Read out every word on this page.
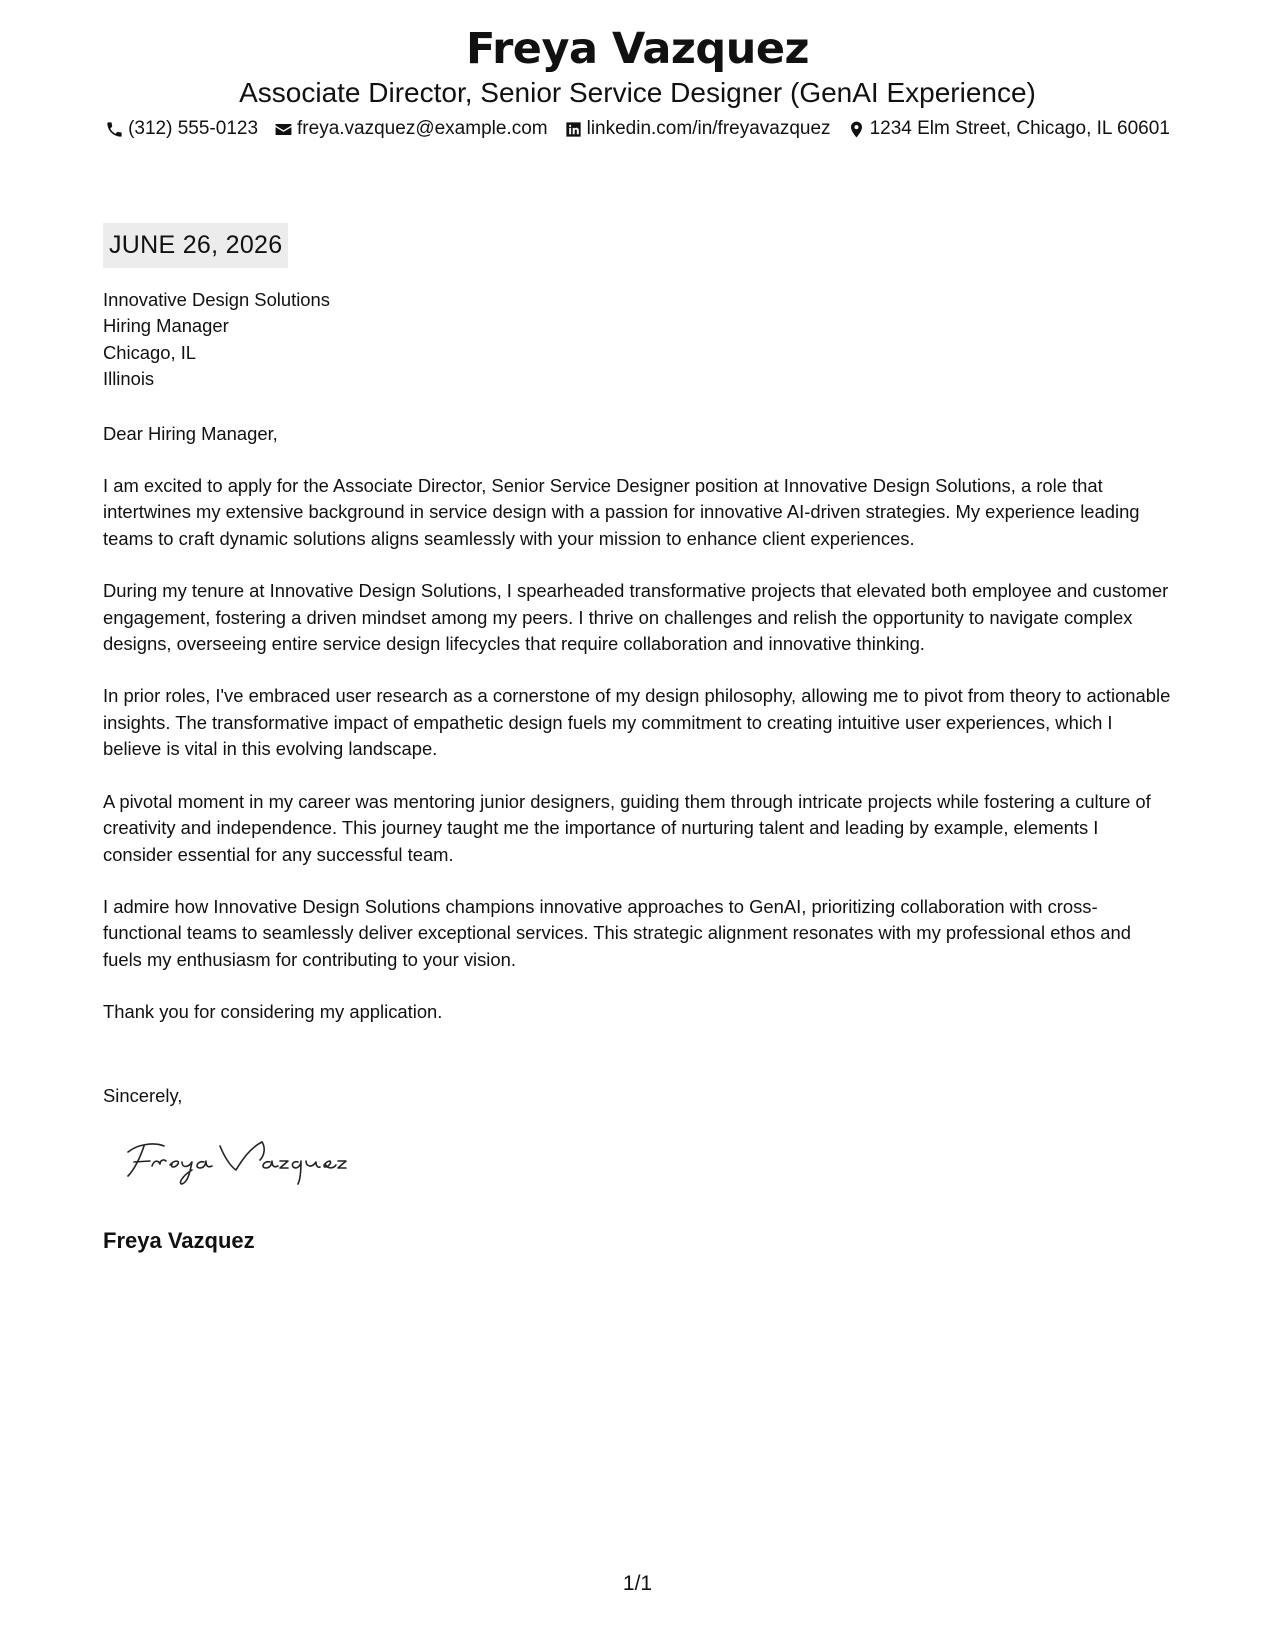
Freya Vazquez
Associate Director, Senior Service Designer (GenAI Experience)
(312) 555-0123 freya.vazquez@example.com linkedin.com/in/freyavazquez 1234 Elm Street, Chicago, IL 60601
JUNE 26, 2026
Innovative Design Solutions
Hiring Manager
Chicago, IL
Illinois
Dear Hiring Manager,

I am excited to apply for the Associate Director, Senior Service Designer position at Innovative Design Solutions, a role that intertwines my extensive background in service design with a passion for innovative AI-driven strategies. My experience leading teams to craft dynamic solutions aligns seamlessly with your mission to enhance client experiences.

During my tenure at Innovative Design Solutions, I spearheaded transformative projects that elevated both employee and customer engagement, fostering a driven mindset among my peers. I thrive on challenges and relish the opportunity to navigate complex designs, overseeing entire service design lifecycles that require collaboration and innovative thinking.

In prior roles, I've embraced user research as a cornerstone of my design philosophy, allowing me to pivot from theory to actionable insights. The transformative impact of empathetic design fuels my commitment to creating intuitive user experiences, which I believe is vital in this evolving landscape.

A pivotal moment in my career was mentoring junior designers, guiding them through intricate projects while fostering a culture of creativity and independence. This journey taught me the importance of nurturing talent and leading by example, elements I consider essential for any successful team.

I admire how Innovative Design Solutions champions innovative approaches to GenAI, prioritizing collaboration with cross-functional teams to seamlessly deliver exceptional services. This strategic alignment resonates with my professional ethos and fuels my enthusiasm for contributing to your vision.

Thank you for considering my application.
Sincerely,
Freya Vazquez
1/1
